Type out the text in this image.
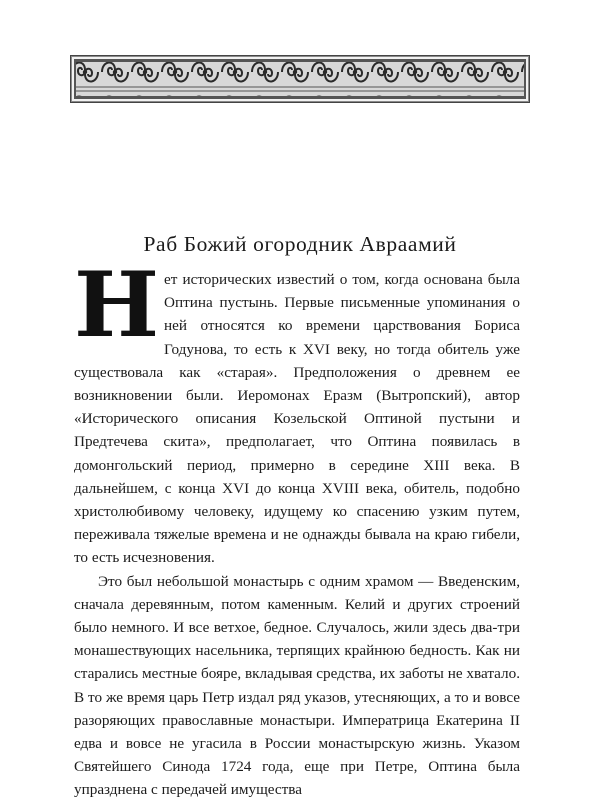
Раб Божий огородник Авраамий

Нет исторических известий о том, когда основана была Оптина пустынь. Первые письменные упоминания о ней относятся ко времени царствования Бориса Годунова, то есть к XVI веку, но тогда обитель уже существовала как «старая». Предположения о древнем ее возникновении были. Иеромонах Еразм (Вытропский), автор «Исторического описания Козельской Оптиной пустыни и Предтечева скита», предполагает, что Оптина появилась в домонгольский период, примерно в середине XIII века. В дальнейшем, с конца XVI до конца XVIII века, обитель, подобно христолюбивому человеку, идущему ко спасению узким путем, переживала тяжелые времена и не однажды бывала на краю гибели, то есть исчезновения.

Это был небольшой монастырь с одним храмом — Введенским, сначала деревянным, потом каменным. Келий и других строений было немного. И все ветхое, бедное. Случалось, жили здесь два-три монашествующих насельника, терпящих крайнюю бедность. Как ни старались местные бояре, вкладывая средства, их заботы не хватало. В то же время царь Петр издал ряд указов, утесняющих, а то и вовсе разоряющих православные монастыри. Императрица Екатерина II едва и вовсе не угасила в России монастырскую жизнь. Указом Святейшего Синода 1724 года, еще при Петре, Оптина была упразднена с передачей имущества
